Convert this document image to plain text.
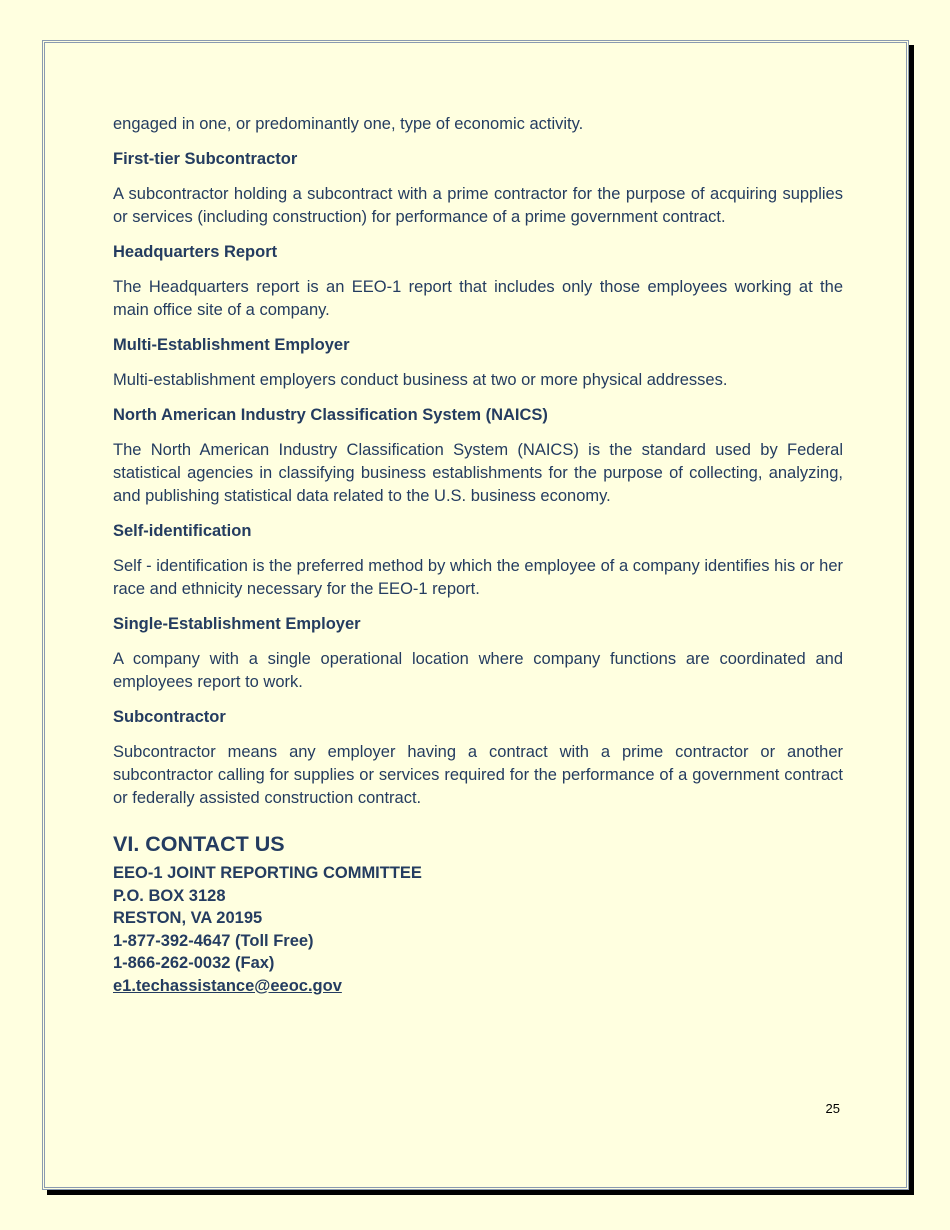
engaged in one, or predominantly one, type of economic activity.

First-tier Subcontractor

A subcontractor holding a subcontract with a prime contractor for the purpose of acquiring supplies or services (including construction) for performance of a prime government contract.

Headquarters Report

The Headquarters report is an EEO-1 report that includes only those employees working at the main office site of a company.

Multi-Establishment Employer

Multi-establishment employers conduct business at two or more physical addresses.

North American Industry Classification System (NAICS)

The North American Industry Classification System (NAICS) is the standard used by Federal statistical agencies in classifying business establishments for the purpose of collecting, analyzing, and publishing statistical data related to the U.S. business economy.

Self-identification

Self - identification is the preferred method by which the employee of a company identifies his or her race and ethnicity necessary for the EEO-1 report.

Single-Establishment Employer

A company with a single operational location where company functions are coordinated and employees report to work.

Subcontractor

Subcontractor means any employer having a contract with a prime contractor or another subcontractor calling for supplies or services required for the performance of a government contract or federally assisted construction contract.

VI. CONTACT US

EEO-1 JOINT REPORTING COMMITTEE

P.O. BOX 3128

RESTON, VA 20195

1-877-392-4647 (Toll Free)

1-866-262-0032 (Fax)

e1.techassistance@eeoc.gov
25
